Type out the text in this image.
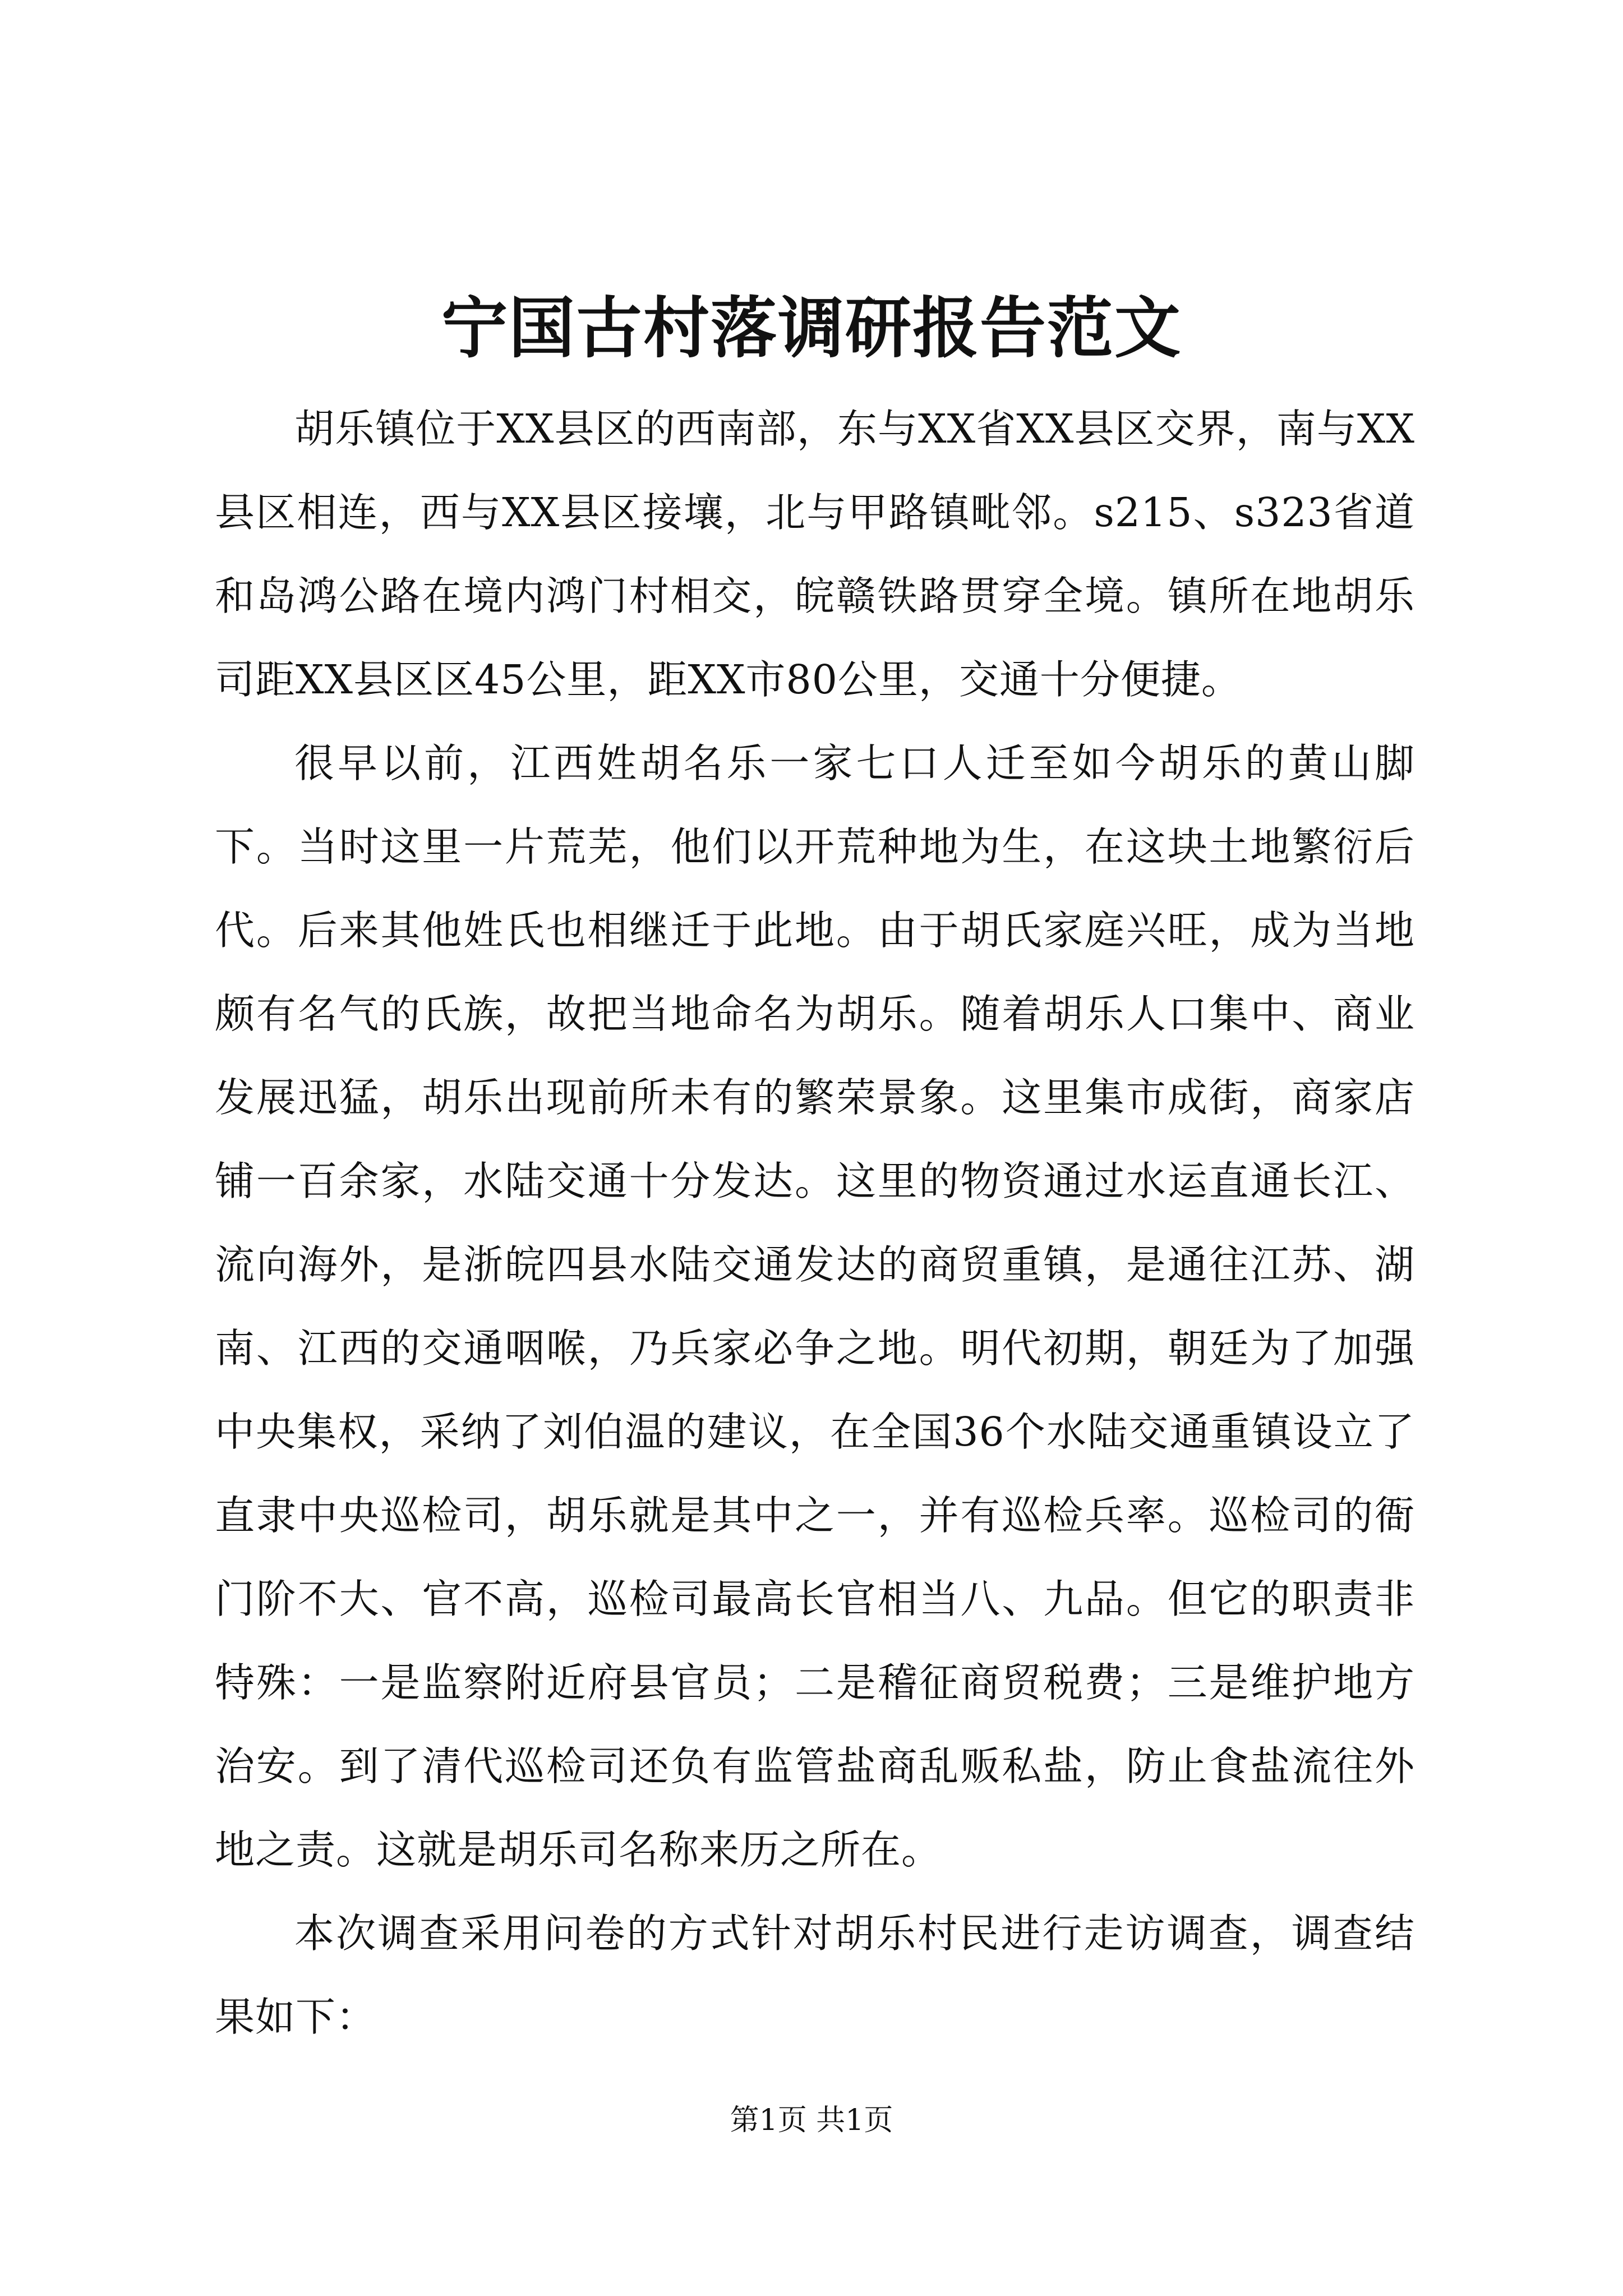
宁国古村落调研报告范文

胡乐镇位于XX县区的西南部，东与XX省XX县区交界，南与XX县区相连，西与XX县区接壤，北与甲路镇毗邻。s215、s323省道和岛鸿公路在境内鸿门村相交，皖赣铁路贯穿全境。镇所在地胡乐司距XX县区区45公里，距XX市80公里，交通十分便捷。

很早以前，江西姓胡名乐一家七口人迁至如今胡乐的黄山脚下。当时这里一片荒芜，他们以开荒种地为生，在这块土地繁衍后代。后来其他姓氏也相继迁于此地。由于胡氏家庭兴旺，成为当地颇有名气的氏族，故把当地命名为胡乐。随着胡乐人口集中、商业发展迅猛，胡乐出现前所未有的繁荣景象。这里集市成街，商家店铺一百余家，水陆交通十分发达。这里的物资通过水运直通长江、流向海外，是浙皖四县水陆交通发达的商贸重镇，是通往江苏、湖南、江西的交通咽喉，乃兵家必争之地。明代初期，朝廷为了加强中央集权，采纳了刘伯温的建议，在全国36个水陆交通重镇设立了直隶中央巡检司，胡乐就是其中之一，并有巡检兵率。巡检司的衙门阶不大、官不高，巡检司最高长官相当八、九品。但它的职责非特殊：一是监察附近府县官员；二是稽征商贸税费；三是维护地方治安。到了清代巡检司还负有监管盐商乱贩私盐，防止食盐流往外地之责。这就是胡乐司名称来历之所在。

本次调查采用问卷的方式针对胡乐村民进行走访调查，调查结果如下：

第1页 共1页
